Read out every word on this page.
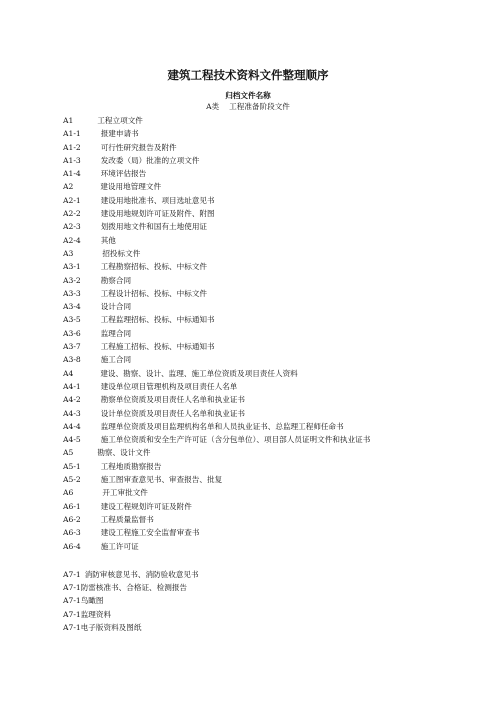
建筑工程技术资料文件整理顺序
归档文件名称
A类 工程准备阶段文件
A1	工程立项文件
A1-1	报建申请书
A1-2	可行性研究报告及附件
A1-3	发改委（局）批准的立项文件
A1-4	环境评估报告
A2	建设用地管理文件
A2-1	建设用地批准书、项目选址意见书
A2-2	建设用地规划许可证及附件、附图
A2-3	划拨用地文件和国有土地使用证
A2-4	其他
A3	招投标文件
A3-1	工程勘察招标、投标、中标文件
A3-2	勘察合同
A3-3	工程设计招标、投标、中标文件
A3-4	设计合同
A3-5	工程监理招标、投标、中标通知书
A3-6	监理合同
A3-7	工程施工招标、投标、中标通知书
A3-8	施工合同
A4	建设、勘察、设计、监理、施工单位资质及项目责任人资料
A4-1	建设单位项目管理机构及项目责任人名单
A4-2	勘察单位资质及项目责任人名单和执业证书
A4-3	设计单位资质及项目责任人名单和执业证书
A4-4	监理单位资质及项目监理机构名单和人员执业证书、总监理工程师任命书
A4-5	施工单位资质和安全生产许可证（含分包单位）、项目部人员证明文件和执业证书
A5	勘察、设计文件
A5-1	工程地质勘察报告
A5-2	施工图审查意见书、审查报告、批复
A6	开工审批文件
A6-1	建设工程规划许可证及附件
A6-2	工程质量监督书
A6-3	建设工程施工安全监督审查书
A6-4	施工许可证
A7-1 消防审核意见书、消防验收意见书
A7-1防雷核准书、合格证、检测报告
A7-1鸟瞰图
A7-1监理资料
A7-1电子版资料及图纸
